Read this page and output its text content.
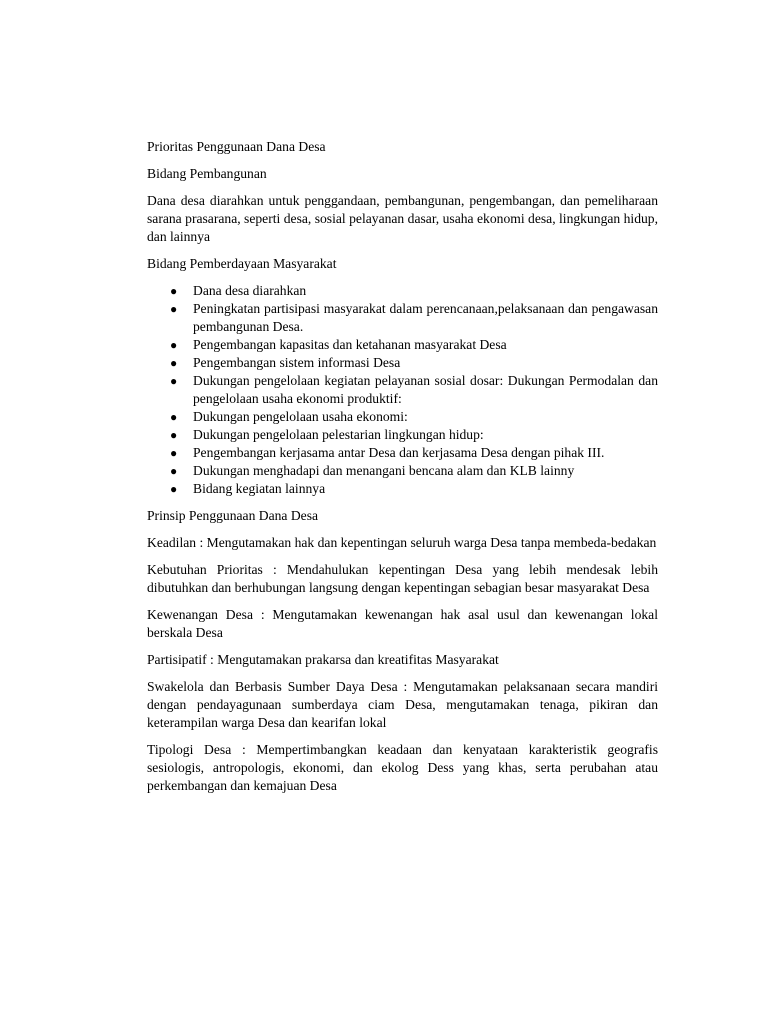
Prioritas Penggunaan Dana Desa

Bidang Pembangunan

Dana desa diarahkan untuk penggandaan, pembangunan, pengembangan, dan pemeliharaan sarana prasarana, seperti desa, sosial pelayanan dasar, usaha ekonomi desa, lingkungan hidup, dan lainnya

Bidang Pemberdayaan Masyarakat

● Dana desa diarahkan
● Peningkatan partisipasi masyarakat dalam perencanaan,pelaksanaan dan pengawasan pembangunan Desa.
● Pengembangan kapasitas dan ketahanan masyarakat Desa
● Pengembangan sistem informasi Desa
● Dukungan pengelolaan kegiatan pelayanan sosial dosar: Dukungan Permodalan dan pengelolaan usaha ekonomi produktif:
● Dukungan pengelolaan usaha ekonomi:
● Dukungan pengelolaan pelestarian lingkungan hidup:
● Pengembangan kerjasama antar Desa dan kerjasama Desa dengan pihak III.
● Dukungan menghadapi dan menangani bencana alam dan KLB lainny
● Bidang kegiatan lainnya

Prinsip Penggunaan Dana Desa

Keadilan : Mengutamakan hak dan kepentingan seluruh warga Desa tanpa membeda-bedakan

Kebutuhan Prioritas : Mendahulukan kepentingan Desa yang lebih mendesak lebih dibutuhkan dan berhubungan langsung dengan kepentingan sebagian besar masyarakat Desa

Kewenangan Desa : Mengutamakan kewenangan hak asal usul dan kewenangan lokal berskala Desa

Partisipatif : Mengutamakan prakarsa dan kreatifitas Masyarakat

Swakelola dan Berbasis Sumber Daya Desa : Mengutamakan pelaksanaan secara mandiri dengan pendayagunaan sumberdaya ciam Desa, mengutamakan tenaga, pikiran dan keterampilan warga Desa dan kearifan lokal

Tipologi Desa : Mempertimbangkan keadaan dan kenyataan karakteristik geografis sesiologis, antropologis, ekonomi, dan ekolog Dess yang khas, serta perubahan atau perkembangan dan kemajuan Desa
